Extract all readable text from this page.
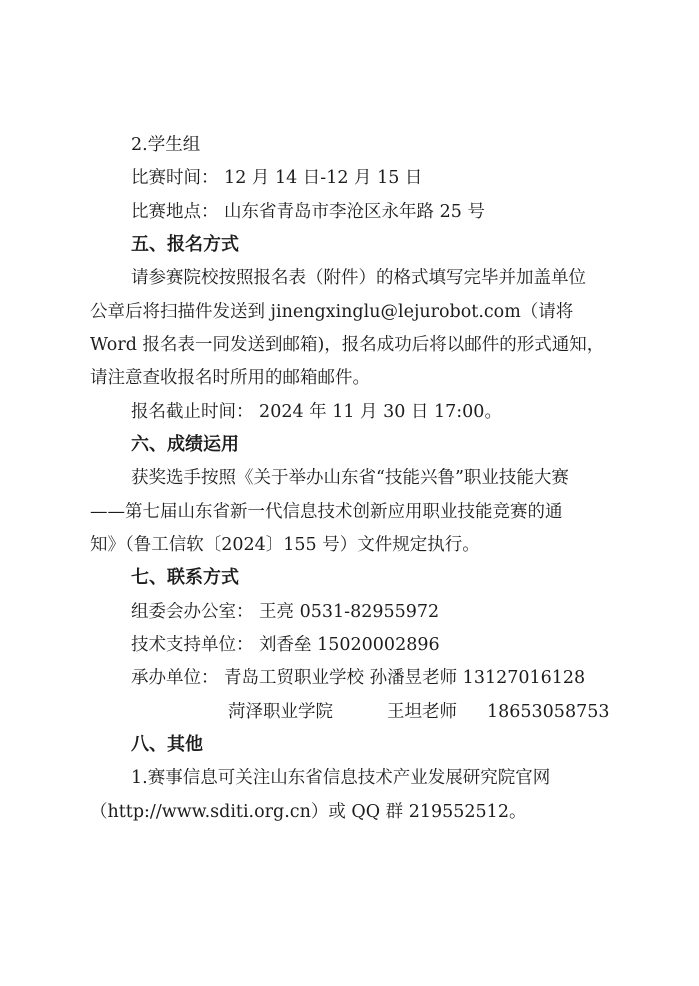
2.学生组
比赛时间： 12 月 14 日-12 月 15 日
比赛地点： 山东省青岛市李沧区永年路 25 号
五、报名方式
请参赛院校按照报名表（附件）的格式填写完毕并加盖单位
公章后将扫描件发送到 jinengxinglu@lejurobot.com（请将
Word 报名表一同发送到邮箱)，报名成功后将以邮件的形式通知，
请注意查收报名时所用的邮箱邮件。
报名截止时间： 2024 年 11 月 30 日 17:00。
六、成绩运用
获奖选手按照《关于举办山东省“技能兴鲁”职业技能大赛
——第七届山东省新一代信息技术创新应用职业技能竞赛的通
知》（鲁工信软〔2024〕155 号）文件规定执行。
七、联系方式
组委会办公室： 王亮 0531-82955972
技术支持单位： 刘香垒 15020002896
承办单位： 青岛工贸职业学校 孙潘昱老师 13127016128
菏泽职业学院	王坦老师 18653058753
八、其他
1.赛事信息可关注山东省信息技术产业发展研究院官网
（http://www.sditi.org.cn）或 QQ 群 219552512。
